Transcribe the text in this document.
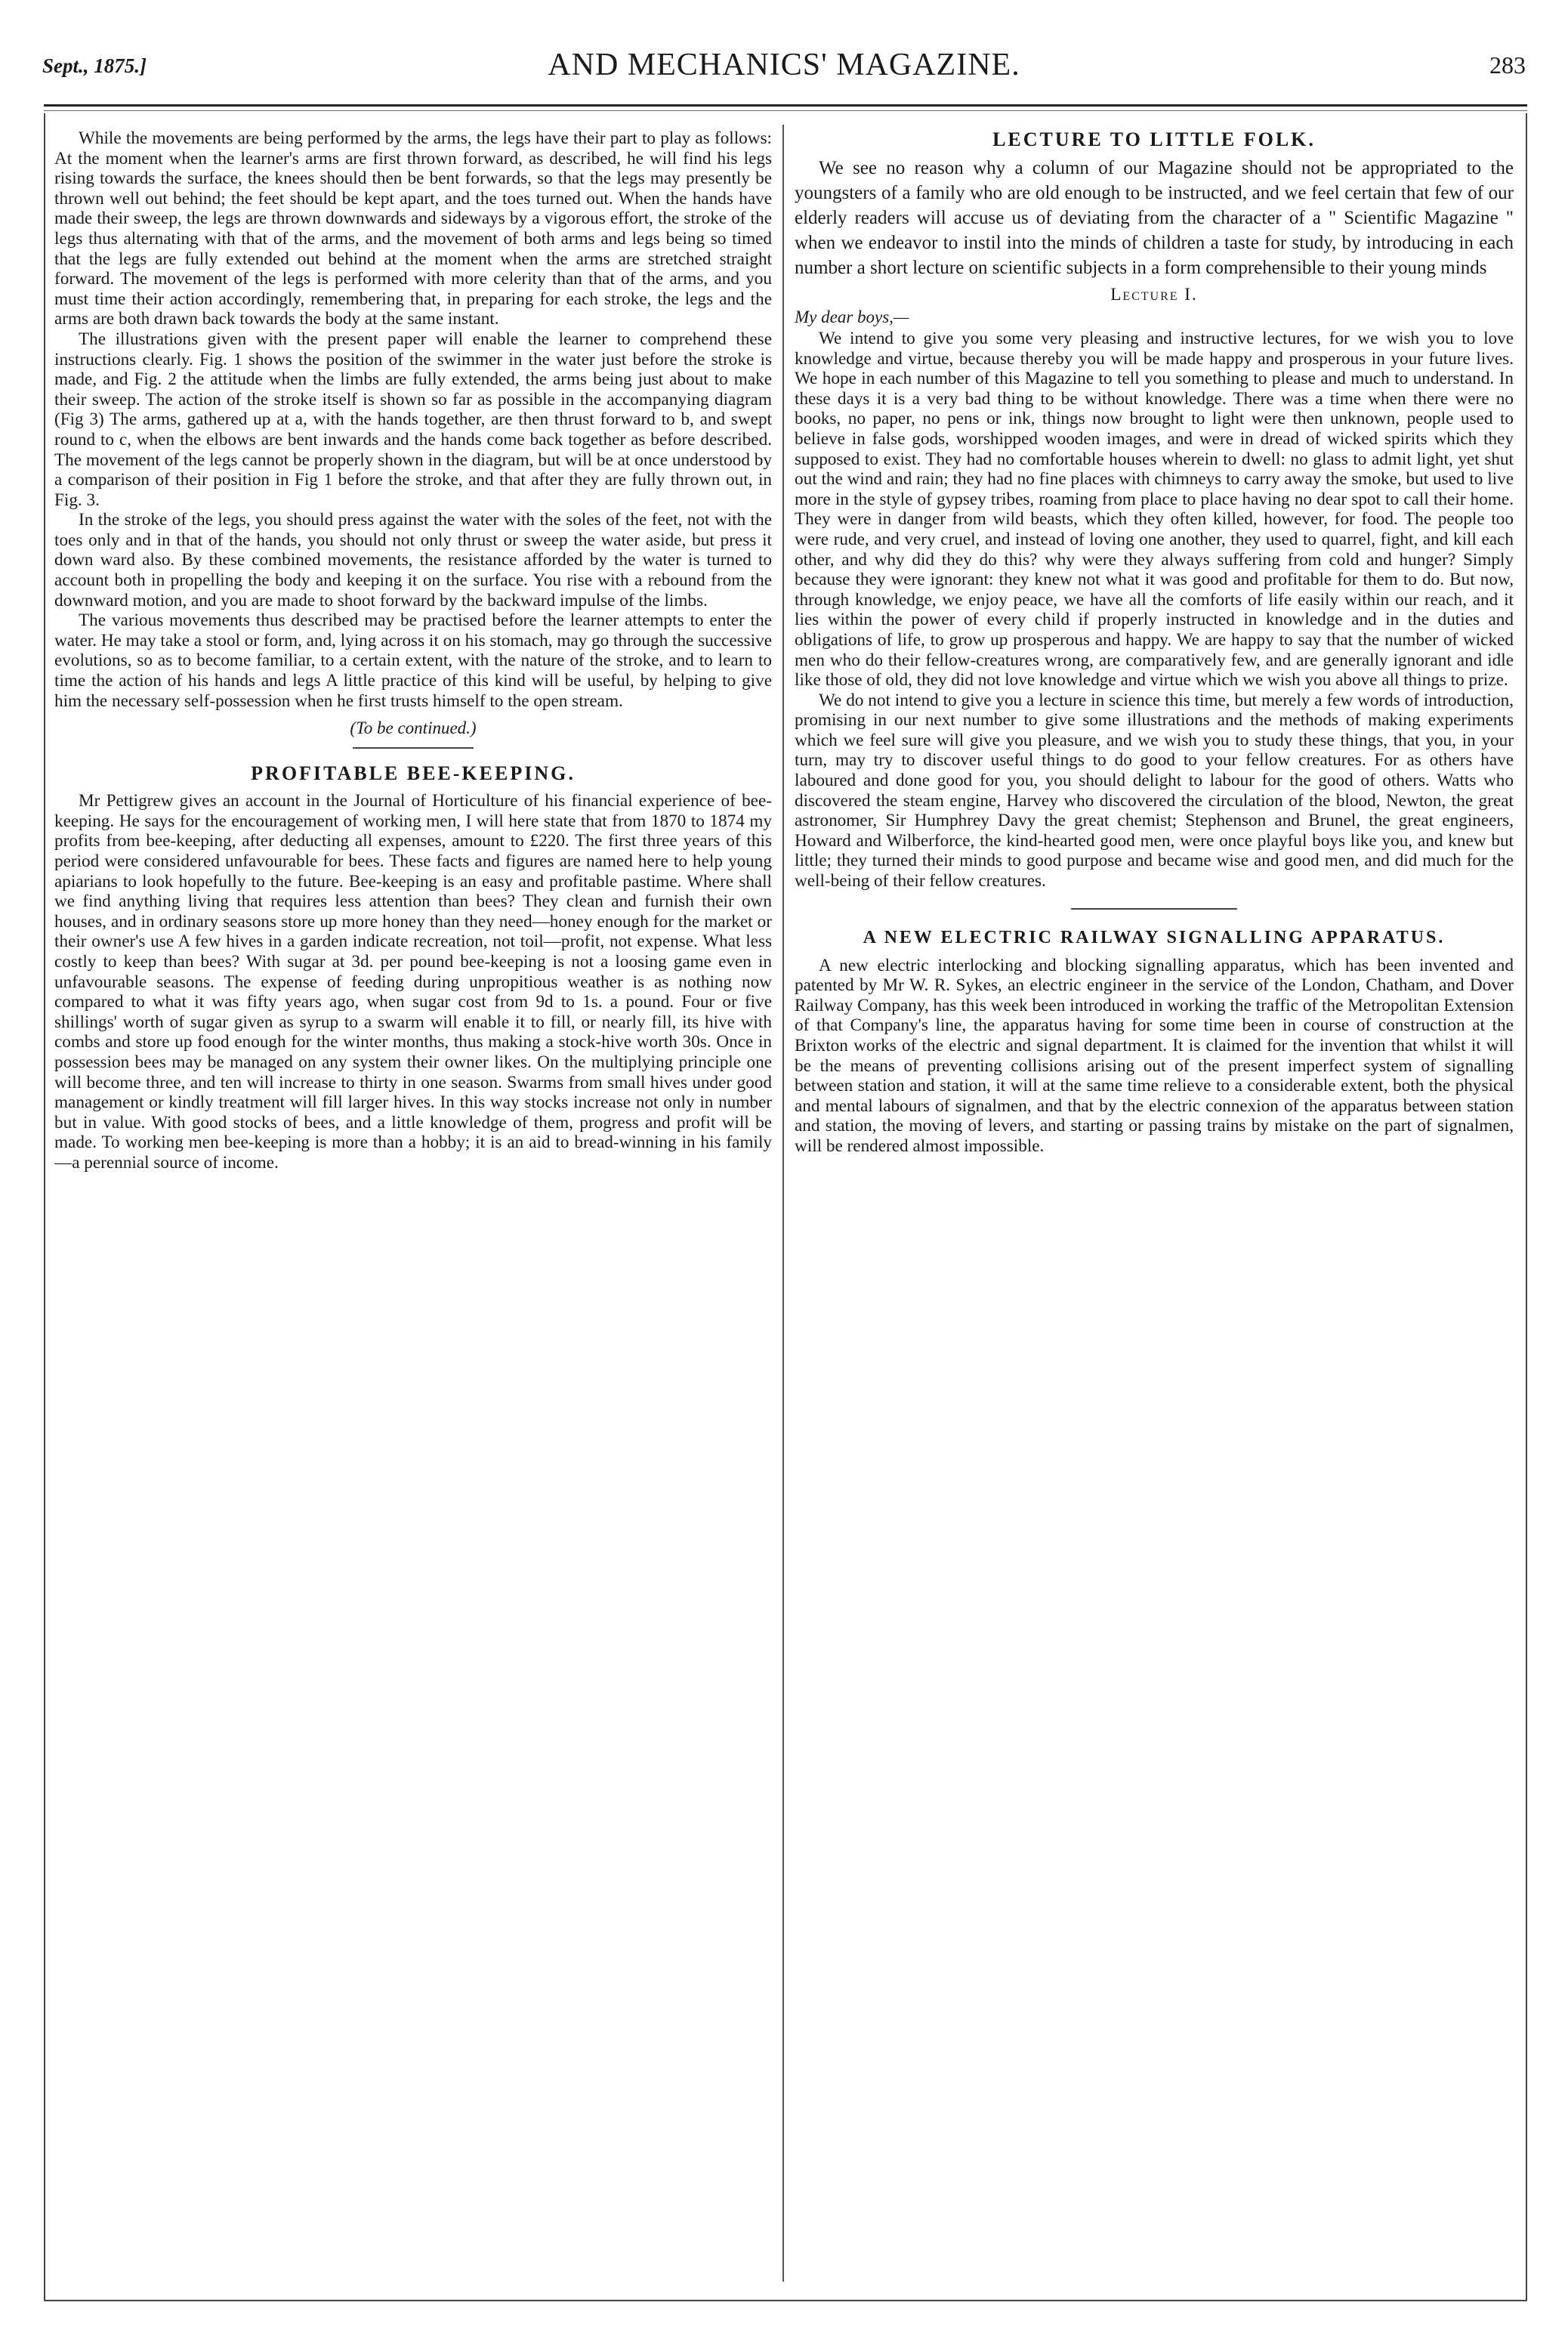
Sept., 1875.]	AND MECHANICS' MAGAZINE.	283

While the movements are being performed by the arms, the legs have their part to play as follows: At the moment when the learner's arms are first thrown forward, as described, he will find his legs rising towards the surface, the knees should then be bent forwards, so that the legs may presently be thrown well out behind; the feet should be kept apart, and the toes turned out. When the hands have made their sweep, the legs are thrown downwards and sideways by a vigorous effort, the stroke of the legs thus alternating with that of the arms, and the movement of both arms and legs being so timed that the legs are fully extended out behind at the moment when the arms are stretched straight forward. The movement of the legs is performed with more celerity than that of the arms, and you must time their action accordingly, remembering that, in preparing for each stroke, the legs and the arms are both drawn back towards the body at the same instant.

The illustrations given with the present paper will enable the learner to comprehend these instructions clearly. Fig. 1 shows the position of the swimmer in the water just before the stroke is made, and Fig. 2 the attitude when the limbs are fully extended, the arms being just about to make their sweep. The action of the stroke itself is shown so far as possible in the accompanying diagram (Fig 3) The arms, gathered up at a, with the hands together, are then thrust forward to b, and swept round to c, when the elbows are bent inwards and the hands come back together as before described. The movement of the legs cannot be properly shown in the diagram, but will be at once understood by a comparison of their position in Fig 1 before the stroke, and that after they are fully thrown out, in Fig. 3.

In the stroke of the legs, you should press against the water with the soles of the feet, not with the toes only and in that of the hands, you should not only thrust or sweep the water aside, but press it down ward also. By these combined movements, the resistance afforded by the water is turned to account both in propelling the body and keeping it on the surface. You rise with a rebound from the downward motion, and you are made to shoot forward by the backward impulse of the limbs.

The various movements thus described may be practised before the learner attempts to enter the water. He may take a stool or form, and, lying across it on his stomach, may go through the successive evolutions, so as to become familiar, to a certain extent, with the nature of the stroke, and to learn to time the action of his hands and legs A little practice of this kind will be useful, by helping to give him the necessary self-possession when he first trusts himself to the open stream.

(To be continued.)

PROFITABLE BEE-KEEPING.

Mr Pettigrew gives an account in the Journal of Horticulture of his financial experience of bee-keeping. He says for the encouragement of working men, I will here state that from 1870 to 1874 my profits from bee-keeping, after deducting all expenses, amount to £220. The first three years of this period were considered unfavourable for bees. These facts and figures are named here to help young apiarians to look hopefully to the future. Bee-keeping is an easy and profitable pastime. Where shall we find anything living that requires less attention than bees? They clean and furnish their own houses, and in ordinary seasons store up more honey than they need—honey enough for the market or their owner's use A few hives in a garden indicate recreation, not toil—profit, not expense. What less costly to keep than bees? With sugar at 3d. per pound bee-keeping is not a loosing game even in unfavourable seasons. The expense of feeding during unpropitious weather is as nothing now compared to what it was fifty years ago, when sugar cost from 9d to 1s. a pound. Four or five shillings' worth of sugar given as syrup to a swarm will enable it to fill, or nearly fill, its hive with combs and store up food enough for the winter months, thus making a stock-hive worth 30s. Once in possession bees may be managed on any system their owner likes. On the multiplying principle one will become three, and ten will increase to thirty in one season. Swarms from small hives under good management or kindly treatment will fill larger hives. In this way stocks increase not only in number but in value. With good stocks of bees, and a little knowledge of them, progress and profit will be made. To working men bee-keeping is more than a hobby; it is an aid to bread-winning in his family—a perennial source of income.

LECTURE TO LITTLE FOLK.

We see no reason why a column of our Magazine should not be appropriated to the youngsters of a family who are old enough to be instructed, and we feel certain that few of our elderly readers will accuse us of deviating from the character of a " Scientific Magazine " when we endeavor to instil into the minds of children a taste for study, by introducing in each number a short lecture on scientific subjects in a form comprehensible to their young minds

Lecture I.

My dear boys,—

We intend to give you some very pleasing and instructive lectures, for we wish you to love knowledge and virtue, because thereby you will be made happy and prosperous in your future lives. We hope in each number of this Magazine to tell you something to please and much to understand. In these days it is a very bad thing to be without knowledge. There was a time when there were no books, no paper, no pens or ink, things now brought to light were then unknown, people used to believe in false gods, worshipped wooden images, and were in dread of wicked spirits which they supposed to exist. They had no comfortable houses wherein to dwell: no glass to admit light, yet shut out the wind and rain; they had no fine places with chimneys to carry away the smoke, but used to live more in the style of gypsey tribes, roaming from place to place having no dear spot to call their home. They were in danger from wild beasts, which they often killed, however, for food. The people too were rude, and very cruel, and instead of loving one another, they used to quarrel, fight, and kill each other, and why did they do this? why were they always suffering from cold and hunger? Simply because they were ignorant: they knew not what it was good and profitable for them to do. But now, through knowledge, we enjoy peace, we have all the comforts of life easily within our reach, and it lies within the power of every child if properly instructed in knowledge and in the duties and obligations of life, to grow up prosperous and happy. We are happy to say that the number of wicked men who do their fellow-creatures wrong, are comparatively few, and are generally ignorant and idle like those of old, they did not love knowledge and virtue which we wish you above all things to prize.

We do not intend to give you a lecture in science this time, but merely a few words of introduction, promising in our next number to give some illustrations and the methods of making experiments which we feel sure will give you pleasure, and we wish you to study these things, that you, in your turn, may try to discover useful things to do good to your fellow creatures. For as others have laboured and done good for you, you should delight to labour for the good of others. Watts who discovered the steam engine, Harvey who discovered the circulation of the blood, Newton, the great astronomer, Sir Humphrey Davy the great chemist; Stephenson and Brunel, the great engineers, Howard and Wilberforce, the kind-hearted good men, were once playful boys like you, and knew but little; they turned their minds to good purpose and became wise and good men, and did much for the well-being of their fellow creatures.

A NEW ELECTRIC RAILWAY SIGNALLING APPARATUS.

A new electric interlocking and blocking signalling apparatus, which has been invented and patented by Mr W. R. Sykes, an electric engineer in the service of the London, Chatham, and Dover Railway Company, has this week been introduced in working the traffic of the Metropolitan Extension of that Company's line, the apparatus having for some time been in course of construction at the Brixton works of the electric and signal department. It is claimed for the invention that whilst it will be the means of preventing collisions arising out of the present imperfect system of signalling between station and station, it will at the same time relieve to a considerable extent, both the physical and mental labours of signalmen, and that by the electric connexion of the apparatus between station and station, the moving of levers, and starting or passing trains by mistake on the part of signalmen, will be rendered almost impossible.
